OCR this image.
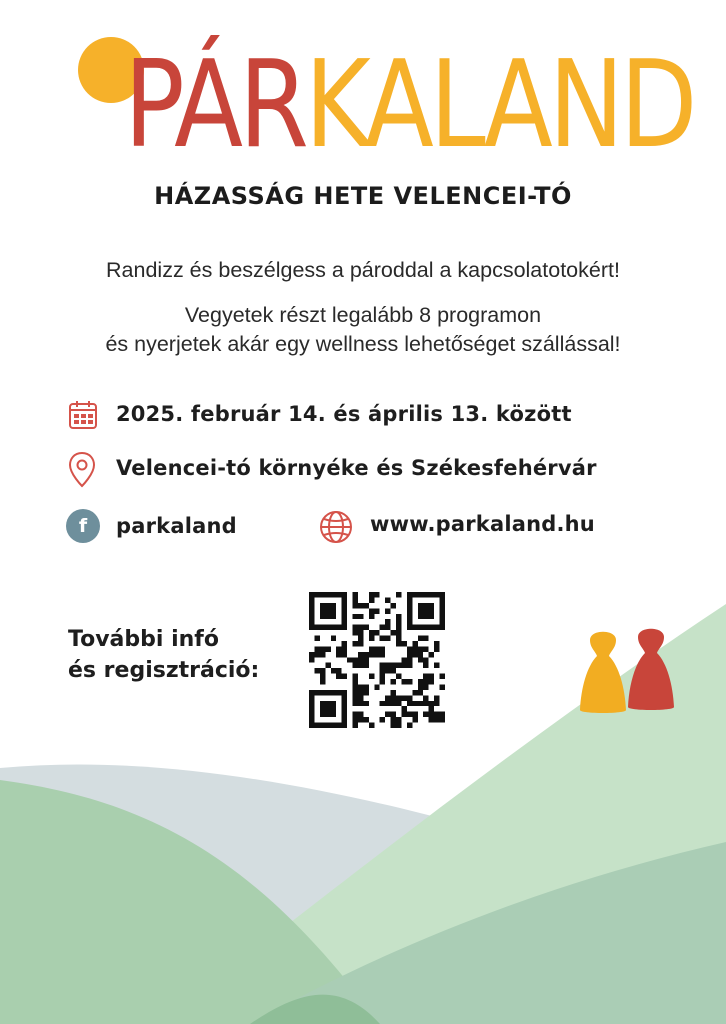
PÁRKALAND
HÁZASSÁG HETE VELENCEI-TÓ

Randizz és beszélgess a pároddal a kapcsolatotokért!

Vegyetek részt legalább 8 programon
és nyerjetek akár egy wellness lehetőséget szállással!

2025. február 14. és április 13. között
Velencei-tó környéke és Székesfehérvár
f	parkaland	www.parkaland.hu

További infó
és regisztráció:
